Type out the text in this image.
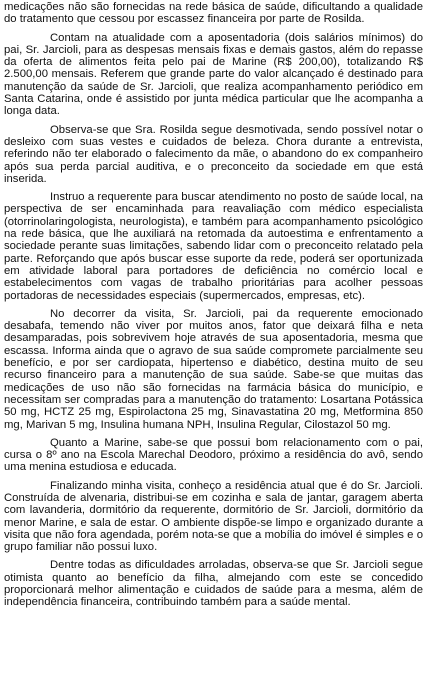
medicações não são fornecidas na rede básica de saúde, dificultando a qualidade do tratamento que cessou por escassez financeira por parte de Rosilda.

Contam na atualidade com a aposentadoria (dois salários mínimos) do pai, Sr. Jarcioli, para as despesas mensais fixas e demais gastos, além do repasse da oferta de alimentos feita pelo pai de Marine (R$ 200,00), totalizando R$ 2.500,00 mensais. Referem que grande parte do valor alcançado é destinado para manutenção da saúde de Sr. Jarcioli, que realiza acompanhamento periódico em Santa Catarina, onde é assistido por junta médica particular que lhe acompanha a longa data.

Observa-se que Sra. Rosilda segue desmotivada, sendo possível notar o desleixo com suas vestes e cuidados de beleza. Chora durante a entrevista, referindo não ter elaborado o falecimento da mãe, o abandono do ex companheiro após sua perda parcial auditiva, e o preconceito da sociedade em que está inserida.

Instruo a requerente para buscar atendimento no posto de saúde local, na perspectiva de ser encaminhada para reavaliação com médico especialista (otorrinolaringologista, neurologista), e também para acompanhamento psicológico na rede básica, que lhe auxiliará na retomada da autoestima e enfrentamento a sociedade perante suas limitações, sabendo lidar com o preconceito relatado pela parte. Reforçando que após buscar esse suporte da rede, poderá ser oportunizada em atividade laboral para portadores de deficiência no comércio local e estabelecimentos com vagas de trabalho prioritárias para acolher pessoas portadoras de necessidades especiais (supermercados, empresas, etc).

No decorrer da visita, Sr. Jarcioli, pai da requerente emocionado desabafa, temendo não viver por muitos anos, fator que deixará filha e neta desamparadas, pois sobrevivem hoje através de sua aposentadoria, mesma que escassa. Informa ainda que o agravo de sua saúde compromete parcialmente seu benefício, e por ser cardiopata, hipertenso e diabético, destina muito de seu recurso financeiro para a manutenção de sua saúde. Sabe-se que muitas das medicações de uso não são fornecidas na farmácia básica do município, e necessitam ser compradas para a manutenção do tratamento: Losartana Potássica 50 mg, HCTZ 25 mg, Espirolactona 25 mg, Sinavastatina 20 mg, Metformina 850 mg, Marivan 5 mg, Insulina humana NPH, Insulina Regular, Cilostazol 50 mg.

Quanto a Marine, sabe-se que possui bom relacionamento com o pai, cursa o 8º ano na Escola Marechal Deodoro, próximo a residência do avô, sendo uma menina estudiosa e educada.

Finalizando minha visita, conheço a residência atual que é do Sr. Jarcioli. Construída de alvenaria, distribui-se em cozinha e sala de jantar, garagem aberta com lavanderia, dormitório da requerente, dormitório de Sr. Jarcioli, dormitório da menor Marine, e sala de estar. O ambiente dispõe-se limpo e organizado durante a visita que não fora agendada, porém nota-se que a mobília do imóvel é simples e o grupo familiar não possui luxo.

Dentre todas as dificuldades arroladas, observa-se que Sr. Jarcioli segue otimista quanto ao benefício da filha, almejando com este se concedido proporcionará melhor alimentação e cuidados de saúde para a mesma, além de independência financeira, contribuindo também para a saúde mental.
